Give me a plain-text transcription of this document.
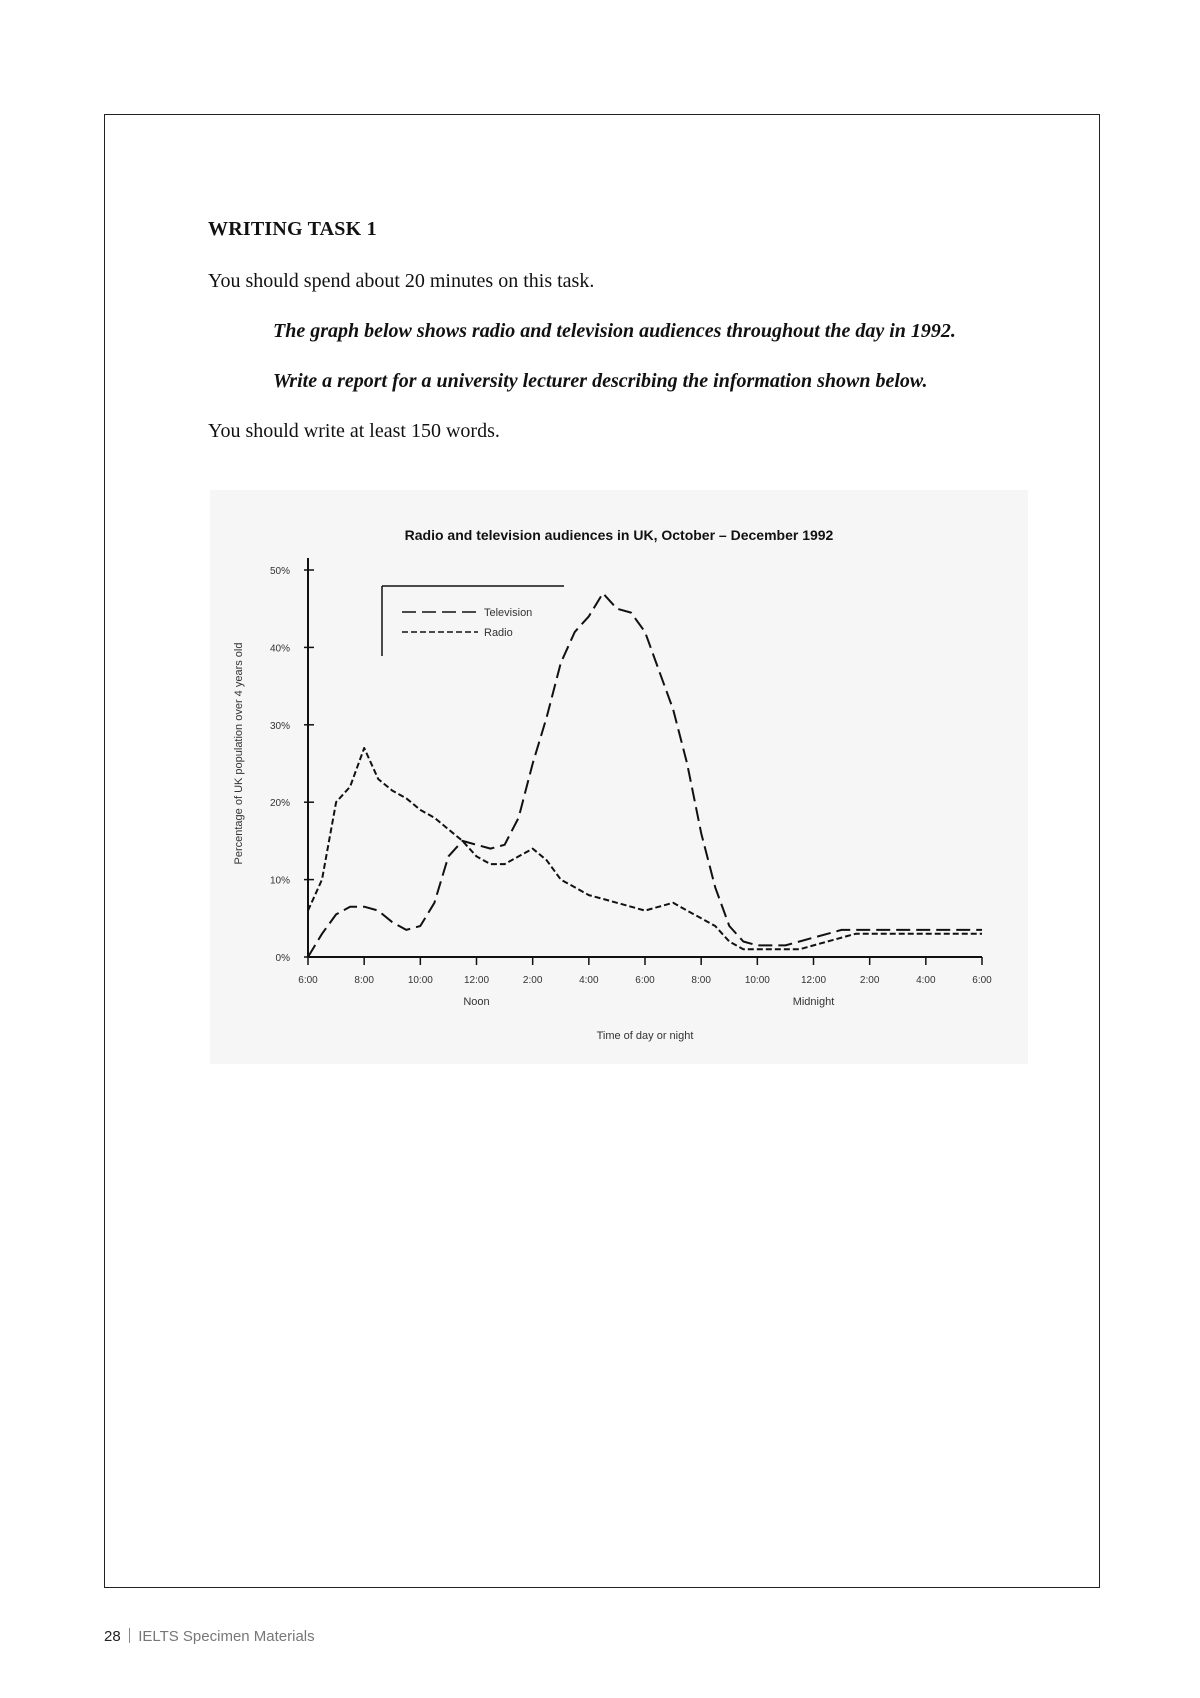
WRITING TASK 1
You should spend about 20 minutes on this task.
The graph below shows radio and television audiences throughout the day in 1992.
Write a report for a university lecturer describing the information shown below.
You should write at least 150 words.
Radio and television audiences in UK, October – December 1992
0%
10%
20%
30%
40%
50%
6:00	8:00	10:00	12:00	2:00	4:00	6:00	8:00	10:00	12:00	2:00	4:00	6:00
Noon	Midnight
Time of day or night
Percentage of UK population over 4 years old
Television
Radio
28 IELTS Specimen Materials
